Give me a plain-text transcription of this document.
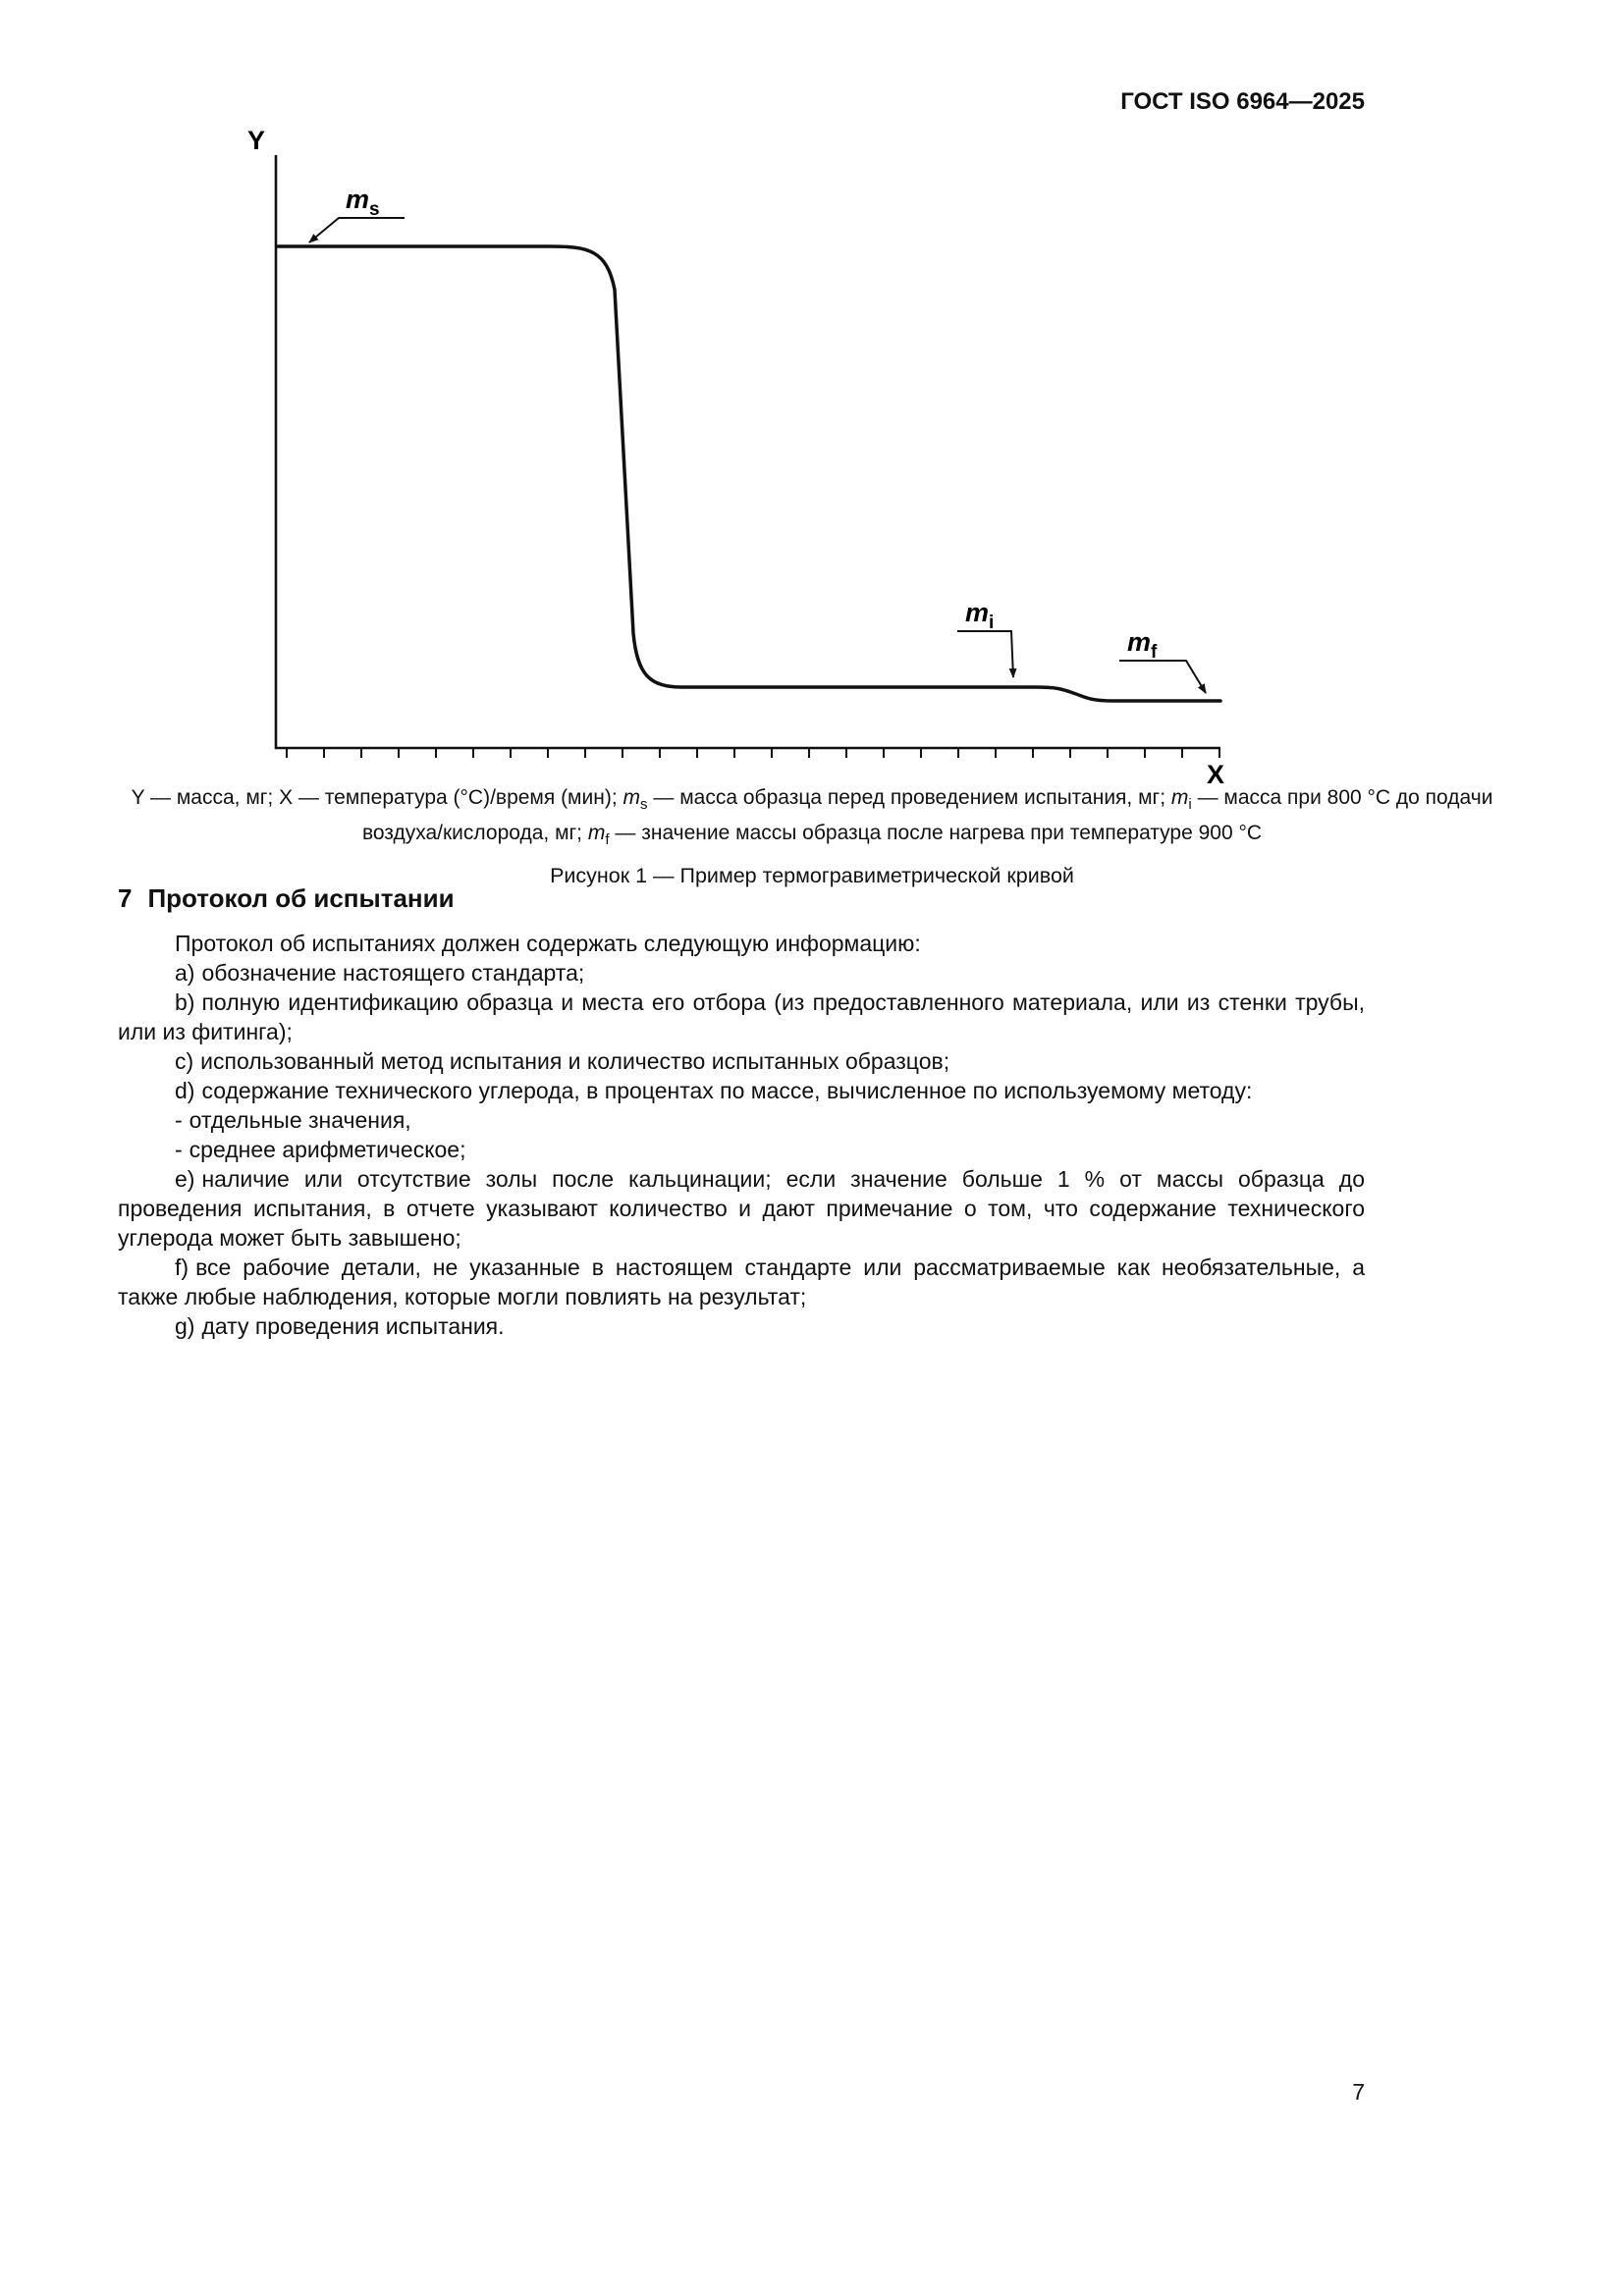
ГОСТ ISO 6964—2025
Y
X
$m_s$
$m_i$
$m_f$
Y — масса, мг; X — температура (°С)/время (мин); $m_s$ — масса образца перед проведением испытания, мг; $m_i$ — масса при 800 °С до подачи воздуха/кислорода, мг; $m_f$ — значение массы образца после нагрева при температуре 900 °С
Рисунок 1 — Пример термогравиметрической кривой
7 Протокол об испытании

Протокол об испытаниях должен содержать следующую информацию:

a) обозначение настоящего стандарта;

b) полную идентификацию образца и места его отбора (из предоставленного материала, или из стенки трубы, или из фитинга);

c) использованный метод испытания и количество испытанных образцов;

d) содержание технического углерода, в процентах по массе, вычисленное по используемому методу:

- отдельные значения,

- среднее арифметическое;

e) наличие или отсутствие золы после кальцинации; если значение больше 1 % от массы образца до проведения испытания, в отчете указывают количество и дают примечание о том, что содержание технического углерода может быть завышено;

f) все рабочие детали, не указанные в настоящем стандарте или рассматриваемые как необязательные, а также любые наблюдения, которые могли повлиять на результат;

g) дату проведения испытания.

7
